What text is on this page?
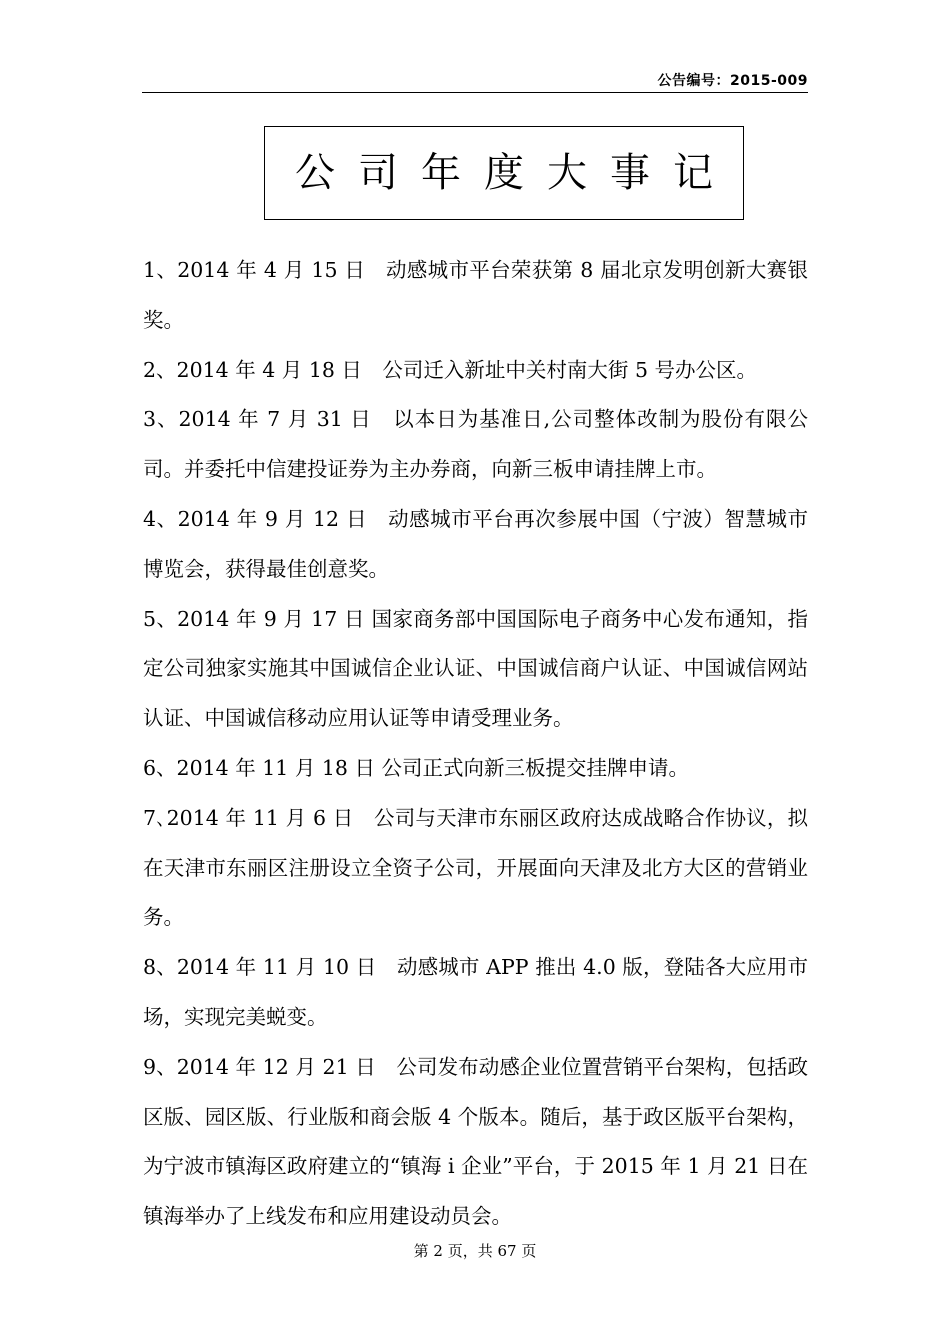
公告编号：2015-009
公司年度大事记

1、2014 年 4 月 15 日　动感城市平台荣获第 8 届北京发明创新大赛银奖。

2、2014 年 4 月 18 日　公司迁入新址中关村南大街 5 号办公区。

3、2014 年 7 月 31 日　以本日为基准日,公司整体改制为股份有限公司。并委托中信建投证券为主办券商，向新三板申请挂牌上市。

4、2014 年 9 月 12 日　动感城市平台再次参展中国（宁波）智慧城市博览会，获得最佳创意奖。

5、2014 年 9 月 17 日 国家商务部中国国际电子商务中心发布通知，指定公司独家实施其中国诚信企业认证、中国诚信商户认证、中国诚信网站认证、中国诚信移动应用认证等申请受理业务。

6、2014 年 11 月 18 日 公司正式向新三板提交挂牌申请。

7､2014 年 11 月 6 日　公司与天津市东丽区政府达成战略合作协议，拟在天津市东丽区注册设立全资子公司，开展面向天津及北方大区的营销业务。

8、2014 年 11 月 10 日　动感城市 APP 推出 4.0 版，登陆各大应用市场，实现完美蜕变。

9、2014 年 12 月 21 日　公司发布动感企业位置营销平台架构，包括政区版、园区版、行业版和商会版 4 个版本。随后，基于政区版平台架构，为宁波市镇海区政府建立的“镇海 i 企业”平台，于 2015 年 1 月 21 日在镇海举办了上线发布和应用建设动员会。

第 2 页，共 67 页
